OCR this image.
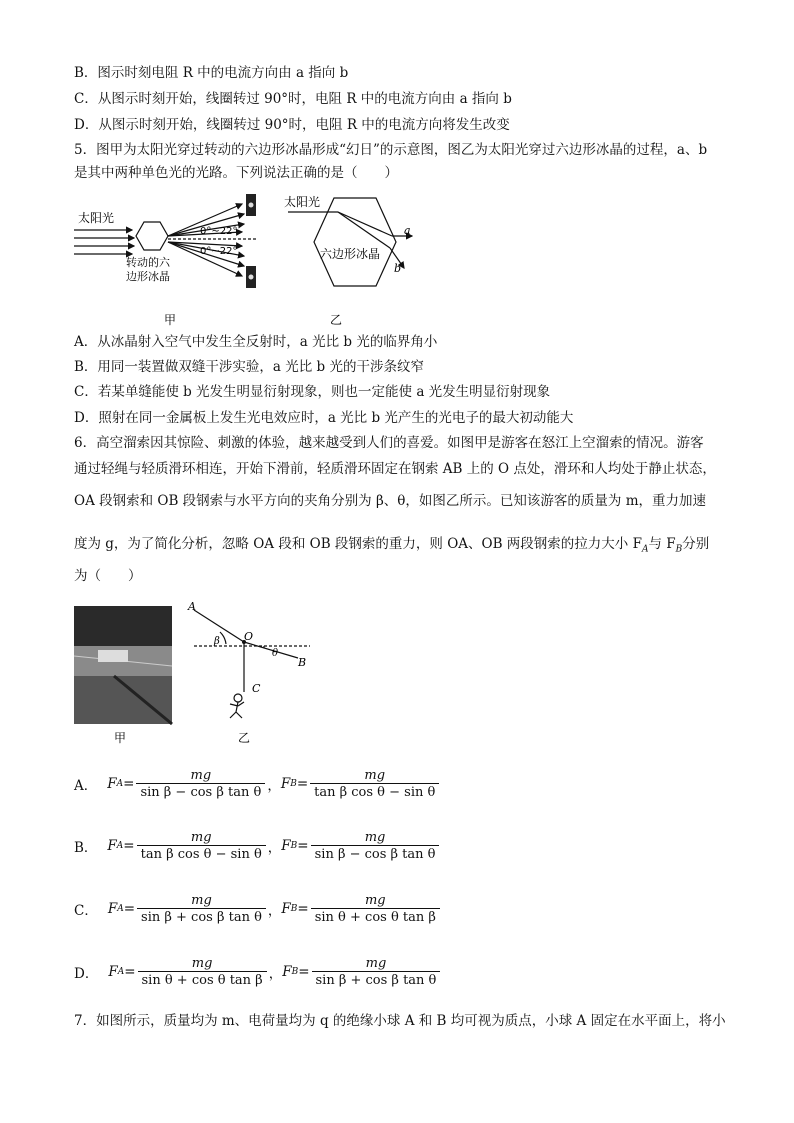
B．图示时刻电阻 R 中的电流方向由 a 指向 b
C．从图示时刻开始，线圈转过 90°时，电阻 R 中的电流方向由 a 指向 b
D．从图示时刻开始，线圈转过 90°时，电阻 R 中的电流方向将发生改变
5．图甲为太阳光穿过转动的六边形冰晶形成“幻日”的示意图，图乙为太阳光穿过六边形冰晶的过程，a、b
是其中两种单色光的光路。下列说法正确的是（　　）
太阳光
0°~22°
0°~22°
转动的六
边形冰晶
甲
太阳光
a
b
六边形冰晶
乙
A．从冰晶射入空气中发生全反射时，a 光比 b 光的临界角小
B．用同一装置做双缝干涉实验，a 光比 b 光的干涉条纹窄
C．若某单缝能使 b 光发生明显衍射现象，则也一定能使 a 光发生明显衍射现象
D．照射在同一金属板上发生光电效应时，a 光比 b 光产生的光电子的最大初动能大
6．高空溜索因其惊险、刺激的体验，越来越受到人们的喜爱。如图甲是游客在怒江上空溜索的情况。游客
通过轻绳与轻质滑环相连，开始下滑前，轻质滑环固定在钢索 AB 上的 O 点处，滑环和人均处于静止状态，
OA 段钢索和 OB 段钢索与水平方向的夹角分别为 β、θ，如图乙所示。已知该游客的质量为 m，重力加速
度为 g，为了简化分析，忽略 OA 段和 OB 段钢索的重力，则 OA、OB 两段钢索的拉力大小 $F_A$与 $F_B$分别
为（　　）
甲
A
B
O
C
β
θ
乙
A． F $A = \frac{mg}{\text{sin β − cos β tan θ}}$ ， F $B = \frac{mg}{\text{tan β cos θ − sin θ}}$
B． F $A = \frac{mg}{\text{tan β cos θ − sin θ}}$ ， F $B = \frac{mg}{\text{sin β − cos β tan θ}}$
C． F $A = \frac{mg}{\text{sin β + cos β tan θ}}$ ， F $B = \frac{mg}{\text{sin θ + cos θ tan β}}$
D． F $A = \frac{mg}{\text{sin θ + cos θ tan β}}$ ， F $B = \frac{mg}{\text{sin β + cos β tan θ}}$
7．如图所示，质量均为 m、电荷量均为 q 的绝缘小球 A 和 B 均可视为质点，小球 A 固定在水平面上，将小
